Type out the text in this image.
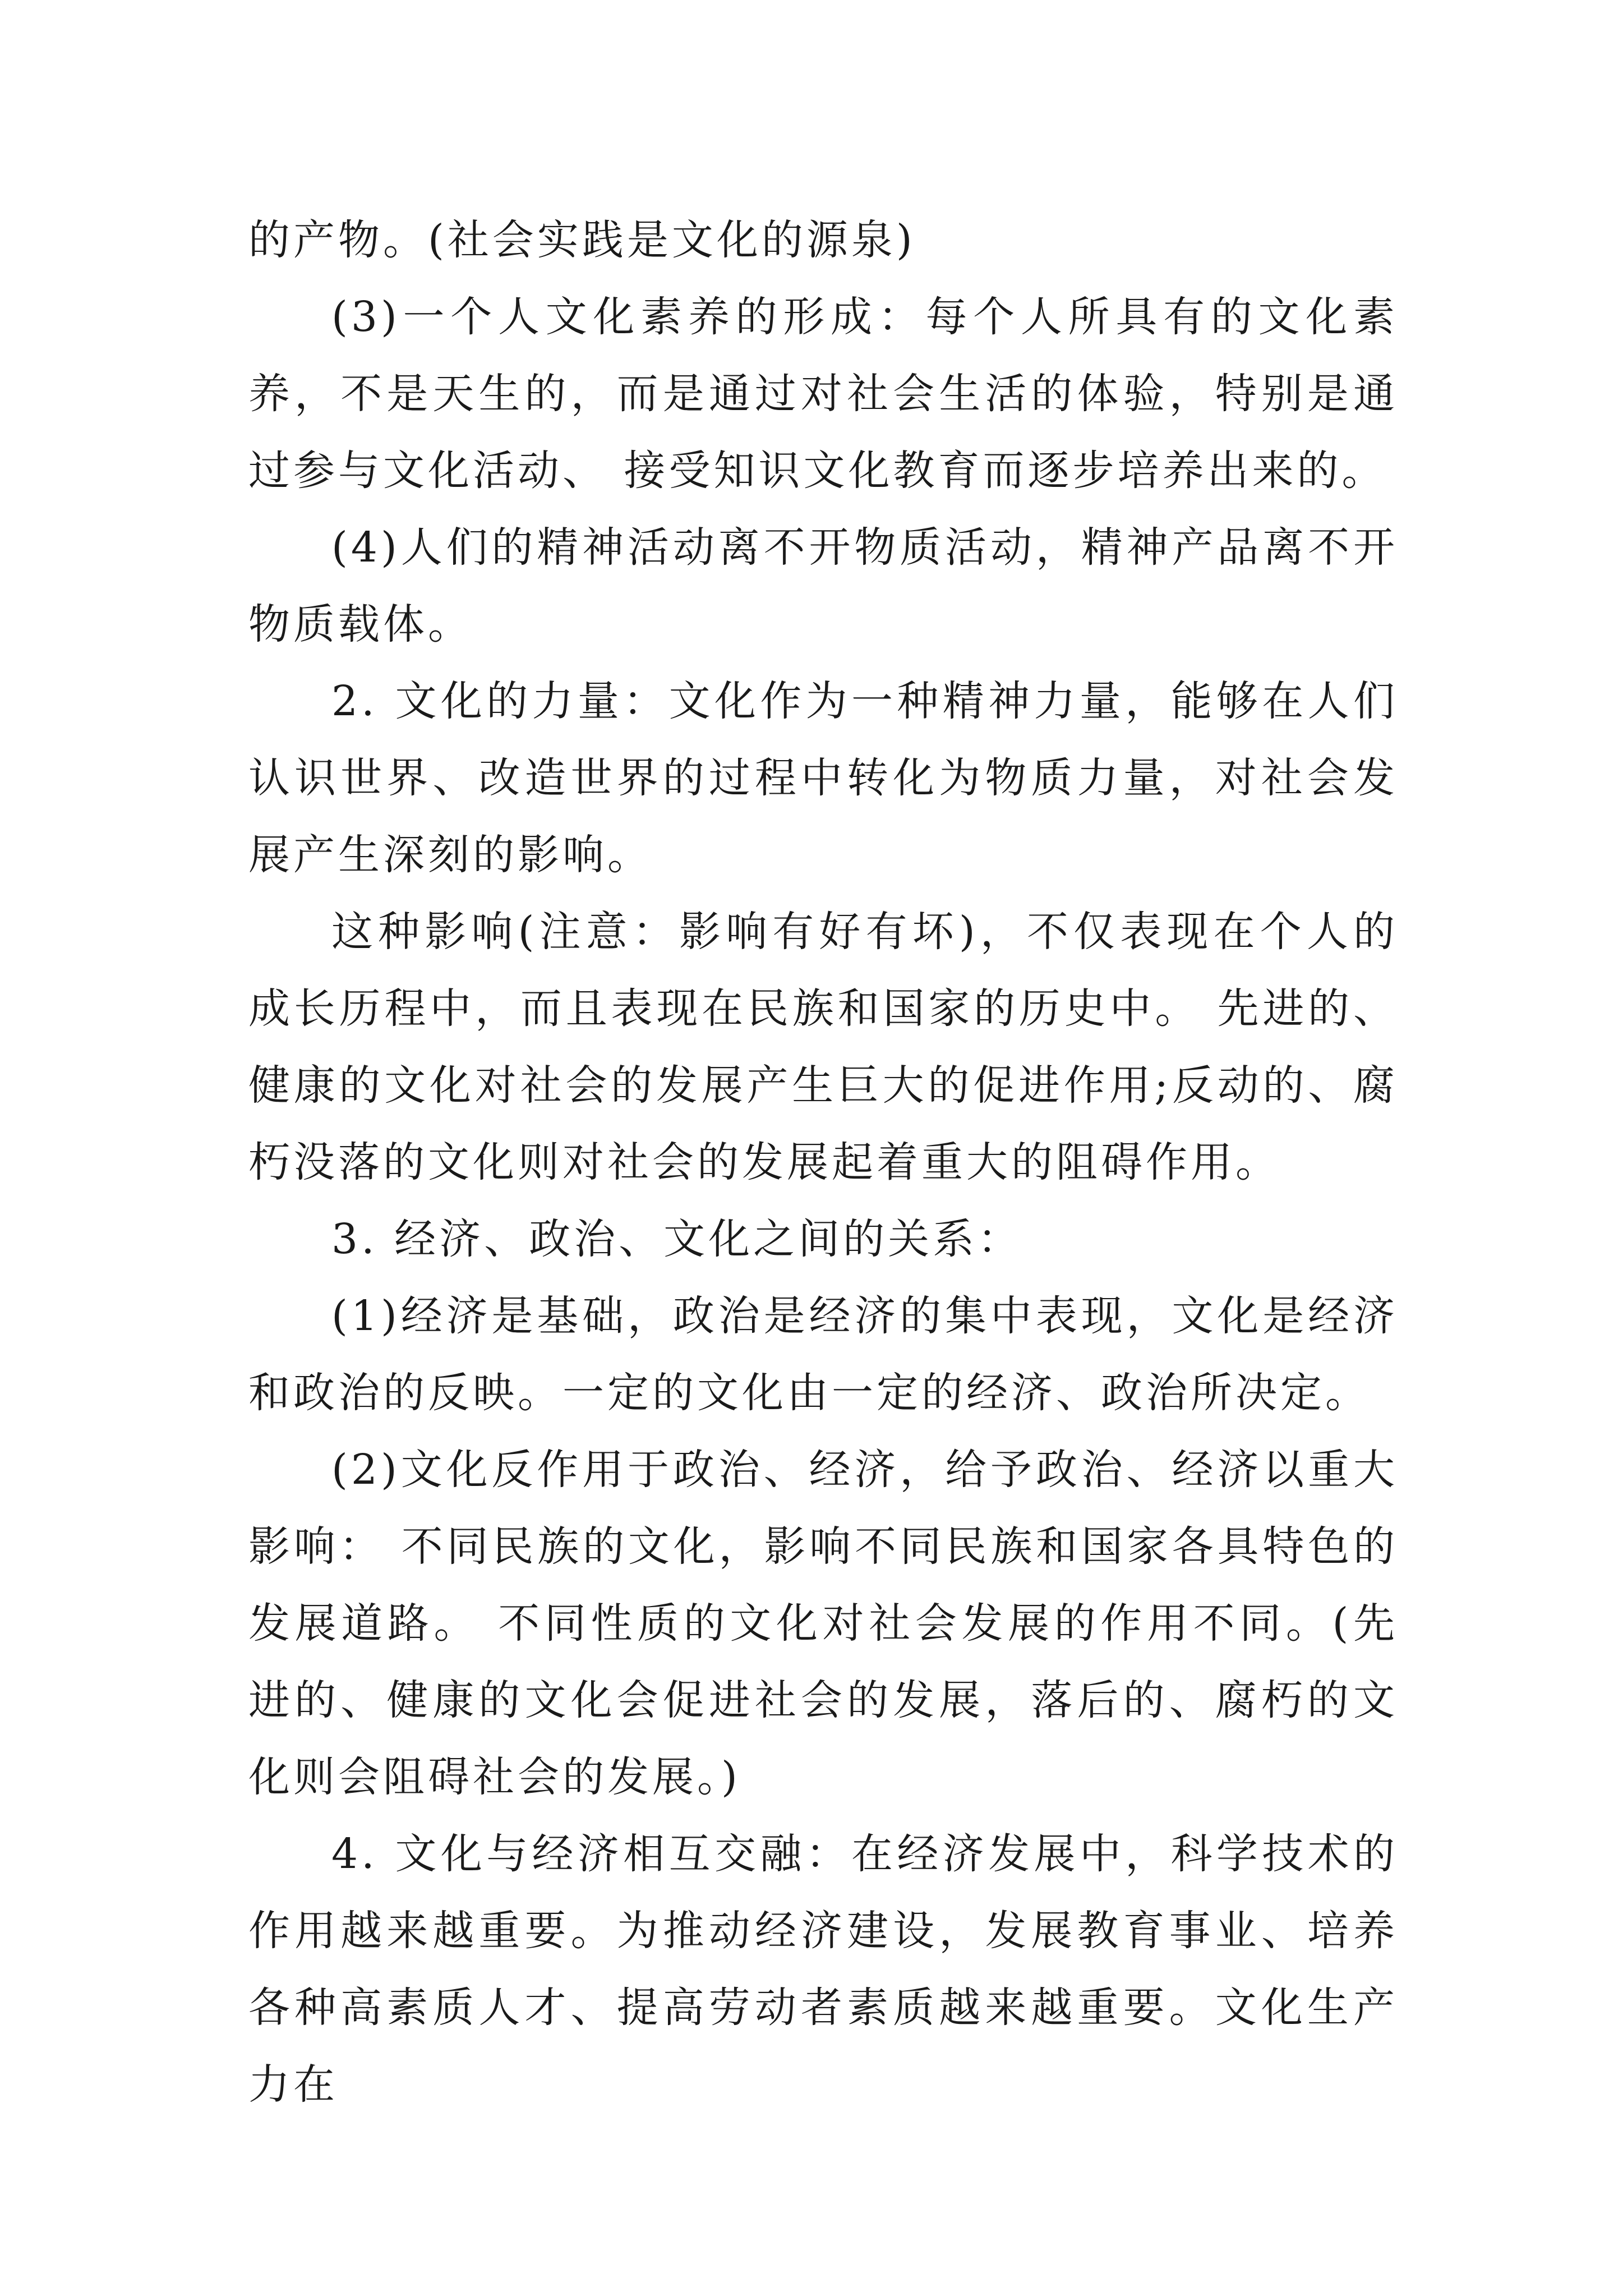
的产物。(社会实践是文化的源泉)

(3)一个人文化素养的形成：每个人所具有的文化素养，不是天生的，而是通过对社会生活的体验，特别是通过参与文化活动、 接受知识文化教育而逐步培养出来的。

(4)人们的精神活动离不开物质活动，精神产品离不开物质载体。

2. 文化的力量：文化作为一种精神力量，能够在人们认识世界、改造世界的过程中转化为物质力量，对社会发展产生深刻的影响。

这种影响(注意：影响有好有坏)，不仅表现在个人的成长历程中，而且表现在民族和国家的历史中。 先进的、健康的文化对社会的发展产生巨大的促进作用;反动的、腐朽没落的文化则对社会的发展起着重大的阻碍作用。

3. 经济、政治、文化之间的关系：

(1)经济是基础，政治是经济的集中表现，文化是经济和政治的反映。一定的文化由一定的经济、政治所决定。

(2)文化反作用于政治、经济，给予政治、经济以重大影响： 不同民族的文化，影响不同民族和国家各具特色的发展道路。 不同性质的文化对社会发展的作用不同。(先进的、健康的文化会促进社会的发展，落后的、腐朽的文化则会阻碍社会的发展。)

4. 文化与经济相互交融：在经济发展中，科学技术的作用越来越重要。为推动经济建设，发展教育事业、培养各种高素质人才、提高劳动者素质越来越重要。文化生产力在
